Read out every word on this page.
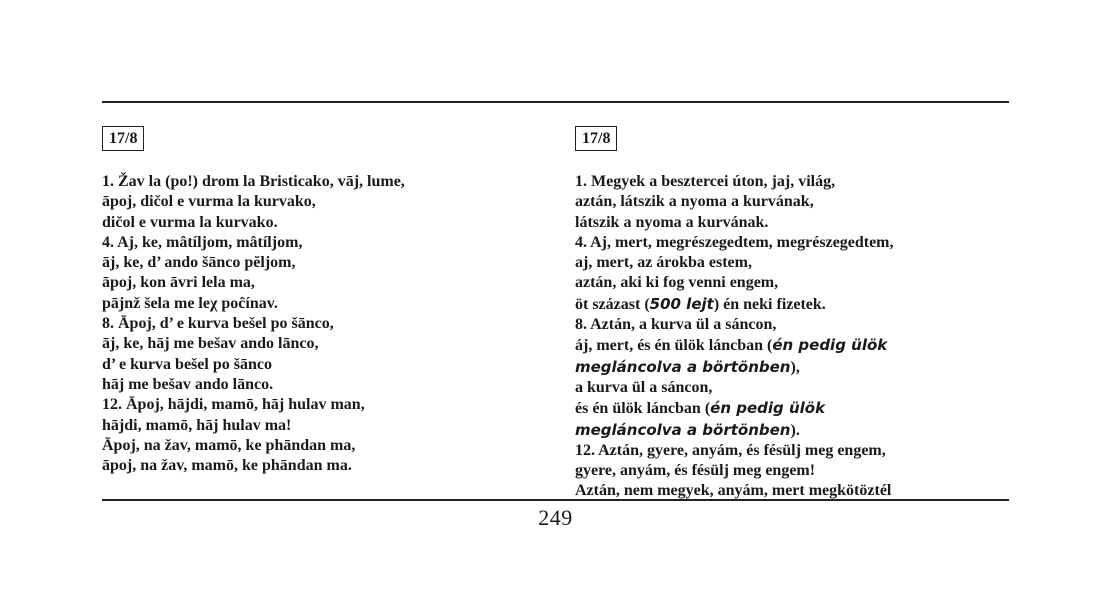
17/8
1. Žav la (po!) drom la Bristicako, vāj, lume,
āpoj, dičol e vurma la kurvako,
dičol e vurma la kurvako.
4. Aj, ke, mâtíljom, mâtíljom,
āj, ke, d’ ando šānco pĕljom,
āpoj, kon āvri lela ma,
pājnž šela me leχ poĉínav.
8. Āpoj, d’ e kurva bešel po šānco,
āj, ke, hāj me bešav ando lānco,
d’ e kurva bešel po šānco
hāj me bešav ando lānco.
12. Āpoj, hājdi, mamō, hāj hulav man,
hājdi, mamō, hāj hulav ma!
Āpoj, na žav, mamō, ke phāndan ma,
āpoj, na žav, mamō, ke phāndan ma.
17/8
1. Megyek a besztercei úton, jaj, világ,
aztán, látszik a nyoma a kurvának,
látszik a nyoma a kurvának.
4. Aj, mert, megrészegedtem, megrészegedtem,
aj, mert, az árokba estem,
aztán, aki ki fog venni engem,
öt százast (500 lejt) én neki fizetek.
8. Aztán, a kurva ül a sáncon,
áj, mert, és én ülök láncban (én pedig ülök
megláncolva a börtönben),
a kurva ül a sáncon,
és én ülök láncban (én pedig ülök
megláncolva a börtönben).
12. Aztán, gyere, anyám, és fésülj meg engem,
gyere, anyám, és fésülj meg engem!
Aztán, nem megyek, anyám, mert megkötöztél
249
